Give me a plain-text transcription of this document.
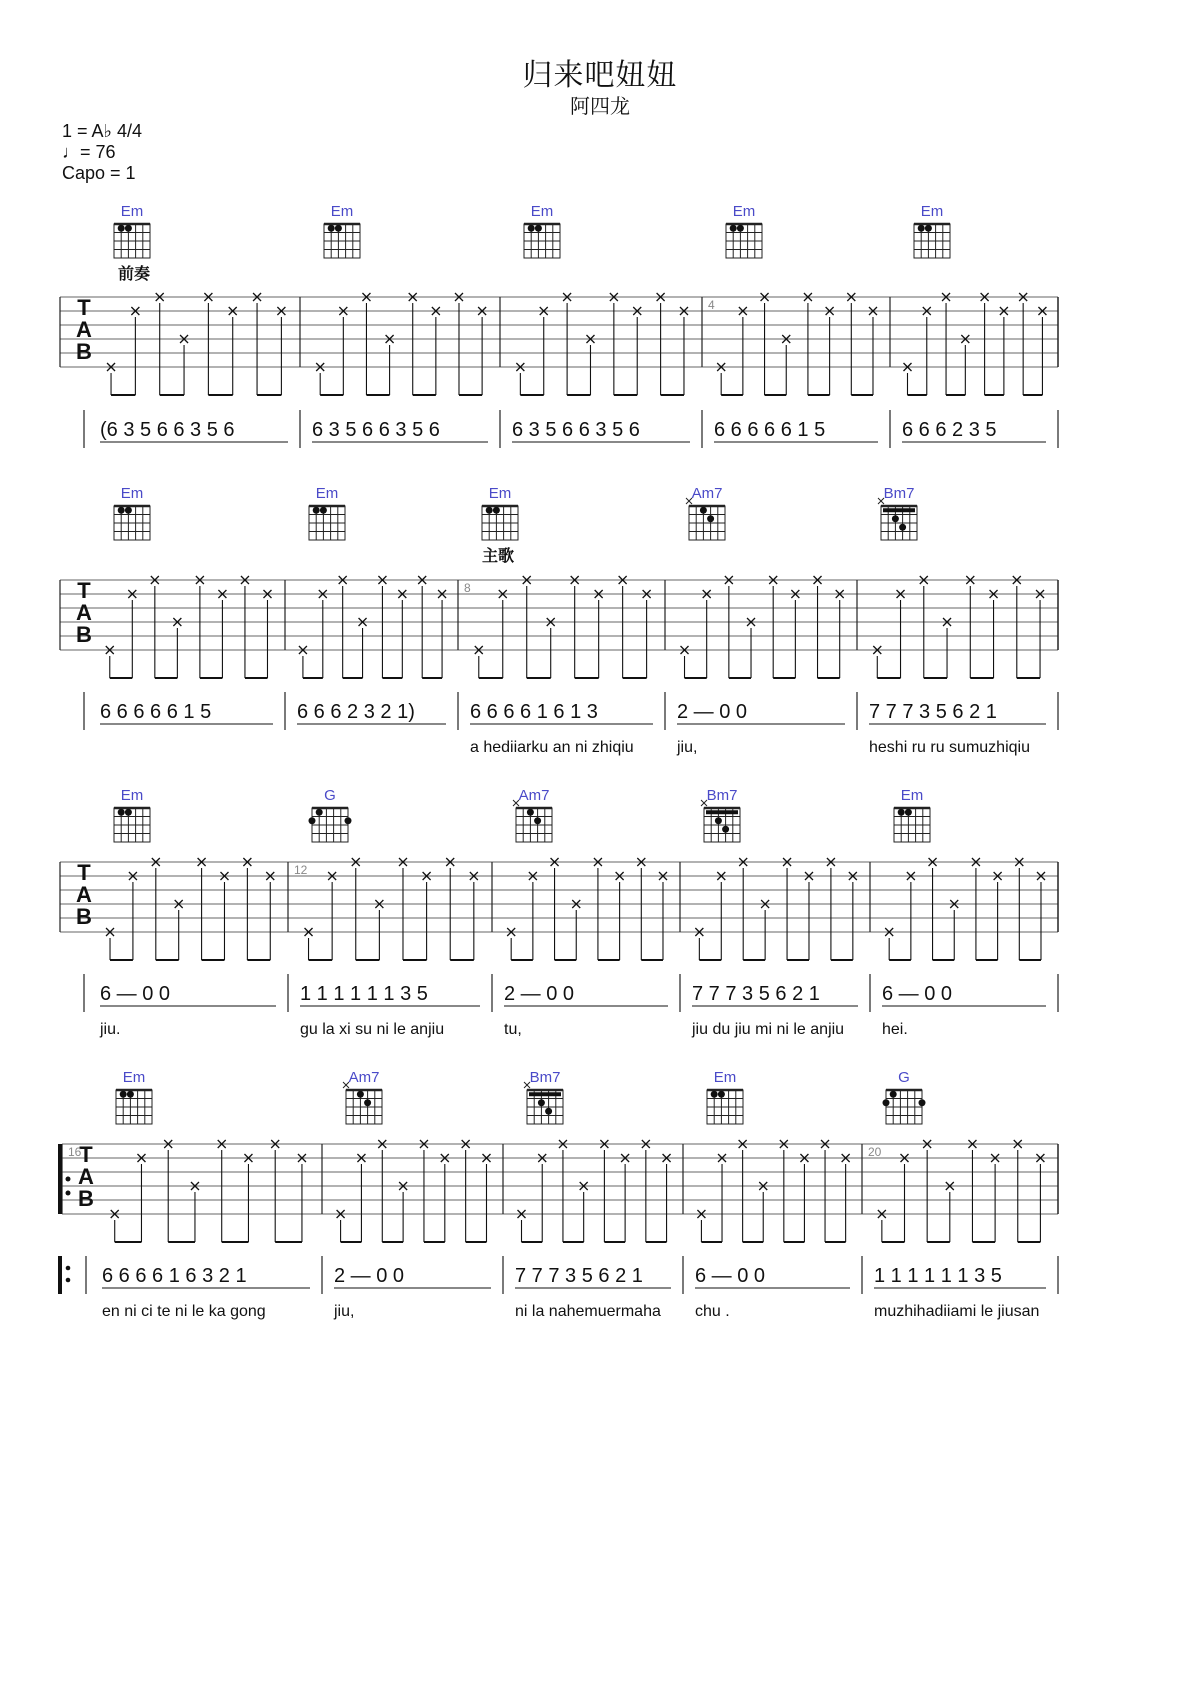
归来吧妞妞
阿四龙
1 = A♭ 4/4
♩= 76
Capo = 1
T
A
B
(6 3 5 6 6 3 5 6	6 3 5 6 6 3 5 6	6 3 5 6 6 3 5 6
4
6 6 6 6 6 1 5	6 6 6 2 3 5
Em	Em	Em	Em	Em
T
A
B
6 6 6 6 6 1 5	6 6 6 2 3 2 1)
8
6 6 6 6 1 6 1 3
a hediiarku an ni zhiqiu
2 — 0 0
jiu,
7 7 7 3 5 6 2 1
heshi ru ru sumuzhiqiu
Em	Em	Em	Am7	Bm7
T
A
B
6 — 0 0
jiu.
12
1 1 1 1 1 1 3 5
gu la xi su ni le anjiu
2 — 0 0
tu,
7 7 7 3 5 6 2 1
jiu du jiu mi ni le anjiu
6 — 0 0
hei.
Em	G	Am7	Bm7	Em
T
A
B
16
6 6 6 6 1 6 3 2 1
en ni ci te ni le ka gong
2 — 0 0
jiu,
7 7 7 3 5 6 2 1
ni la nahemuermaha
6 — 0 0
chu .
20
1 1 1 1 1 1 3 5
muzhihadiiami le jiusan
Em	Am7	Bm7	Em	G
前奏
主歌
